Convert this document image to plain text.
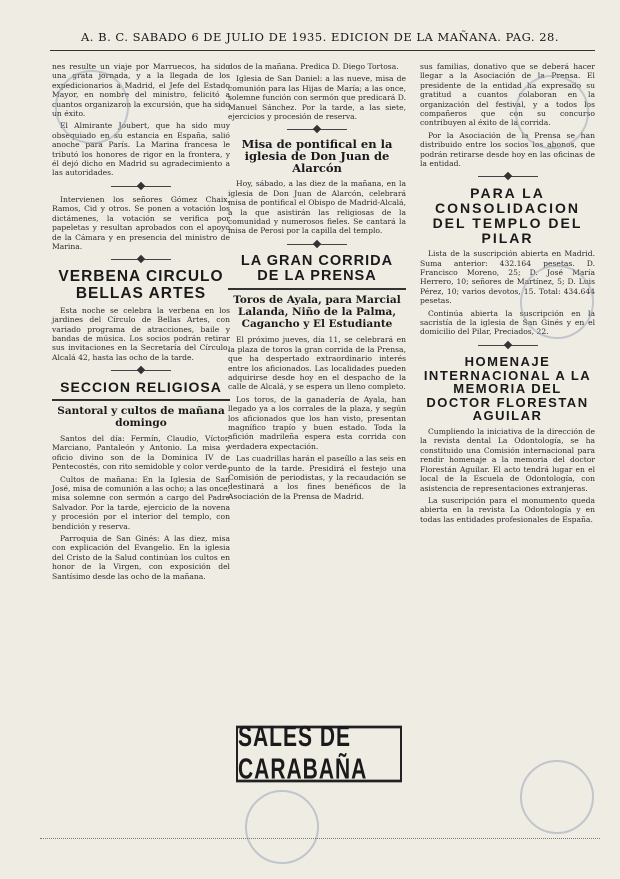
A. B. C. SABADO 6 DE JULIO DE 1935. EDICION DE LA MAÑANA. PAG. 28.

nes resulte un viaje por Marruecos, ha sido una grata jornada, y a la llegada de los expedicionarios a Madrid, el Jefe del Estado Mayor, en nombre del ministro, felicitó a cuantos organizaron la excursión, que ha sido un éxito.

El Almirante Joubert, que ha sido muy obsequiado en su estancia en España, salió anoche para París. La Marina francesa le tributó los honores de rigor en la frontera, y él dejó dicho en Madrid su agradecimiento a las autoridades.

Intervienen los señores Gómez Chaix, Ramos, Cid y otros. Se ponen a votación los dictámenes, la votación se verifica por papeletas y resultan aprobados con el apoyo de la Cámara y en presencia del ministro de Marina.

VERBENA CIRCULO BELLAS ARTES

Esta noche se celebra la verbena en los jardines del Círculo de Bellas Artes, con variado programa de atracciones, baile y bandas de música. Los socios podrán retirar sus invitaciones en la Secretaría del Círculo, Alcalá 42, hasta las ocho de la tarde.

SECCION RELIGIOSA
Santoral y cultos de mañana domingo

Santos del día: Fermín, Claudio, Víctor, Marciano, Pantaleón y Antonio. La misa y oficio divino son de la Dominica IV de Pentecostés, con rito semidoble y color verde.

Cultos de mañana: En la Iglesia de San José, misa de comunión a las ocho; a las once, misa solemne con sermón a cargo del Padre Salvador. Por la tarde, ejercicio de la novena y procesión por el interior del templo, con bendición y reserva.

Parroquia de San Ginés: A las diez, misa con explicación del Evangelio. En la iglesia del Cristo de la Salud continúan los cultos en honor de la Virgen, con exposición del Santísimo desde las ocho de la mañana.

dos de la mañana. Predica D. Diego Tortosa.

Iglesia de San Daniel: a las nueve, misa de comunión para las Hijas de María; a las once, solemne función con sermón que predicará D. Manuel Sánchez. Por la tarde, a las siete, ejercicios y procesión de reserva.

Misa de pontifical en la iglesia de Don Juan de Alarcón

Hoy, sábado, a las diez de la mañana, en la iglesia de Don Juan de Alarcón, celebrará misa de pontifical el Obispo de Madrid-Alcalá, a la que asistirán las religiosas de la comunidad y numerosos fieles. Se cantará la misa de Perosi por la capilla del templo.

LA GRAN CORRIDA DE LA PRENSA
Toros de Ayala, para Marcial Lalanda, Niño de la Palma, Cagancho y El Estudiante

El próximo jueves, día 11, se celebrará en la plaza de toros la gran corrida de la Prensa, que ha despertado extraordinario interés entre los aficionados. Las localidades pueden adquirirse desde hoy en el despacho de la calle de Alcalá, y se espera un lleno completo.

Los toros, de la ganadería de Ayala, han llegado ya a los corrales de la plaza, y según los aficionados que los han visto, presentan magnífico trapío y buen estado. Toda la afición madrileña espera esta corrida con verdadera expectación.

Las cuadrillas harán el paseíllo a las seis en punto de la tarde. Presidirá el festejo una Comisión de periodistas, y la recaudación se destinará a los fines benéficos de la Asociación de la Prensa de Madrid.

SALES DE CARABAÑA

sus familias, donativo que se deberá hacer llegar a la Asociación de la Prensa. El presidente de la entidad ha expresado su gratitud a cuantos colaboran en la organización del festival, y a todos los compañeros que con su concurso contribuyen al éxito de la corrida.

Por la Asociación de la Prensa se han distribuido entre los socios los abonos, que podrán retirarse desde hoy en las oficinas de la entidad.

PARA LA CONSOLIDACION DEL TEMPLO DEL PILAR

Lista de la suscripción abierta en Madrid. Suma anterior: 432.164 pesetas. D. Francisco Moreno, 25; D. José María Herrero, 10; señores de Martínez, 5; D. Luis Pérez, 10; varios devotos, 15. Total: 434.644 pesetas.

Continúa abierta la suscripción en la sacristía de la iglesia de San Ginés y en el domicilio del Pilar, Preciados, 22.

HOMENAJE INTERNACIONAL A LA MEMORIA DEL DOCTOR FLORESTAN AGUILAR

Cumpliendo la iniciativa de la dirección de la revista dental La Odontología, se ha constituido una Comisión internacional para rendir homenaje a la memoria del doctor Florestán Aguilar. El acto tendrá lugar en el local de la Escuela de Odontología, con asistencia de representaciones extranjeras.

La suscripción para el monumento queda abierta en la revista La Odontología y en todas las entidades profesionales de España.
